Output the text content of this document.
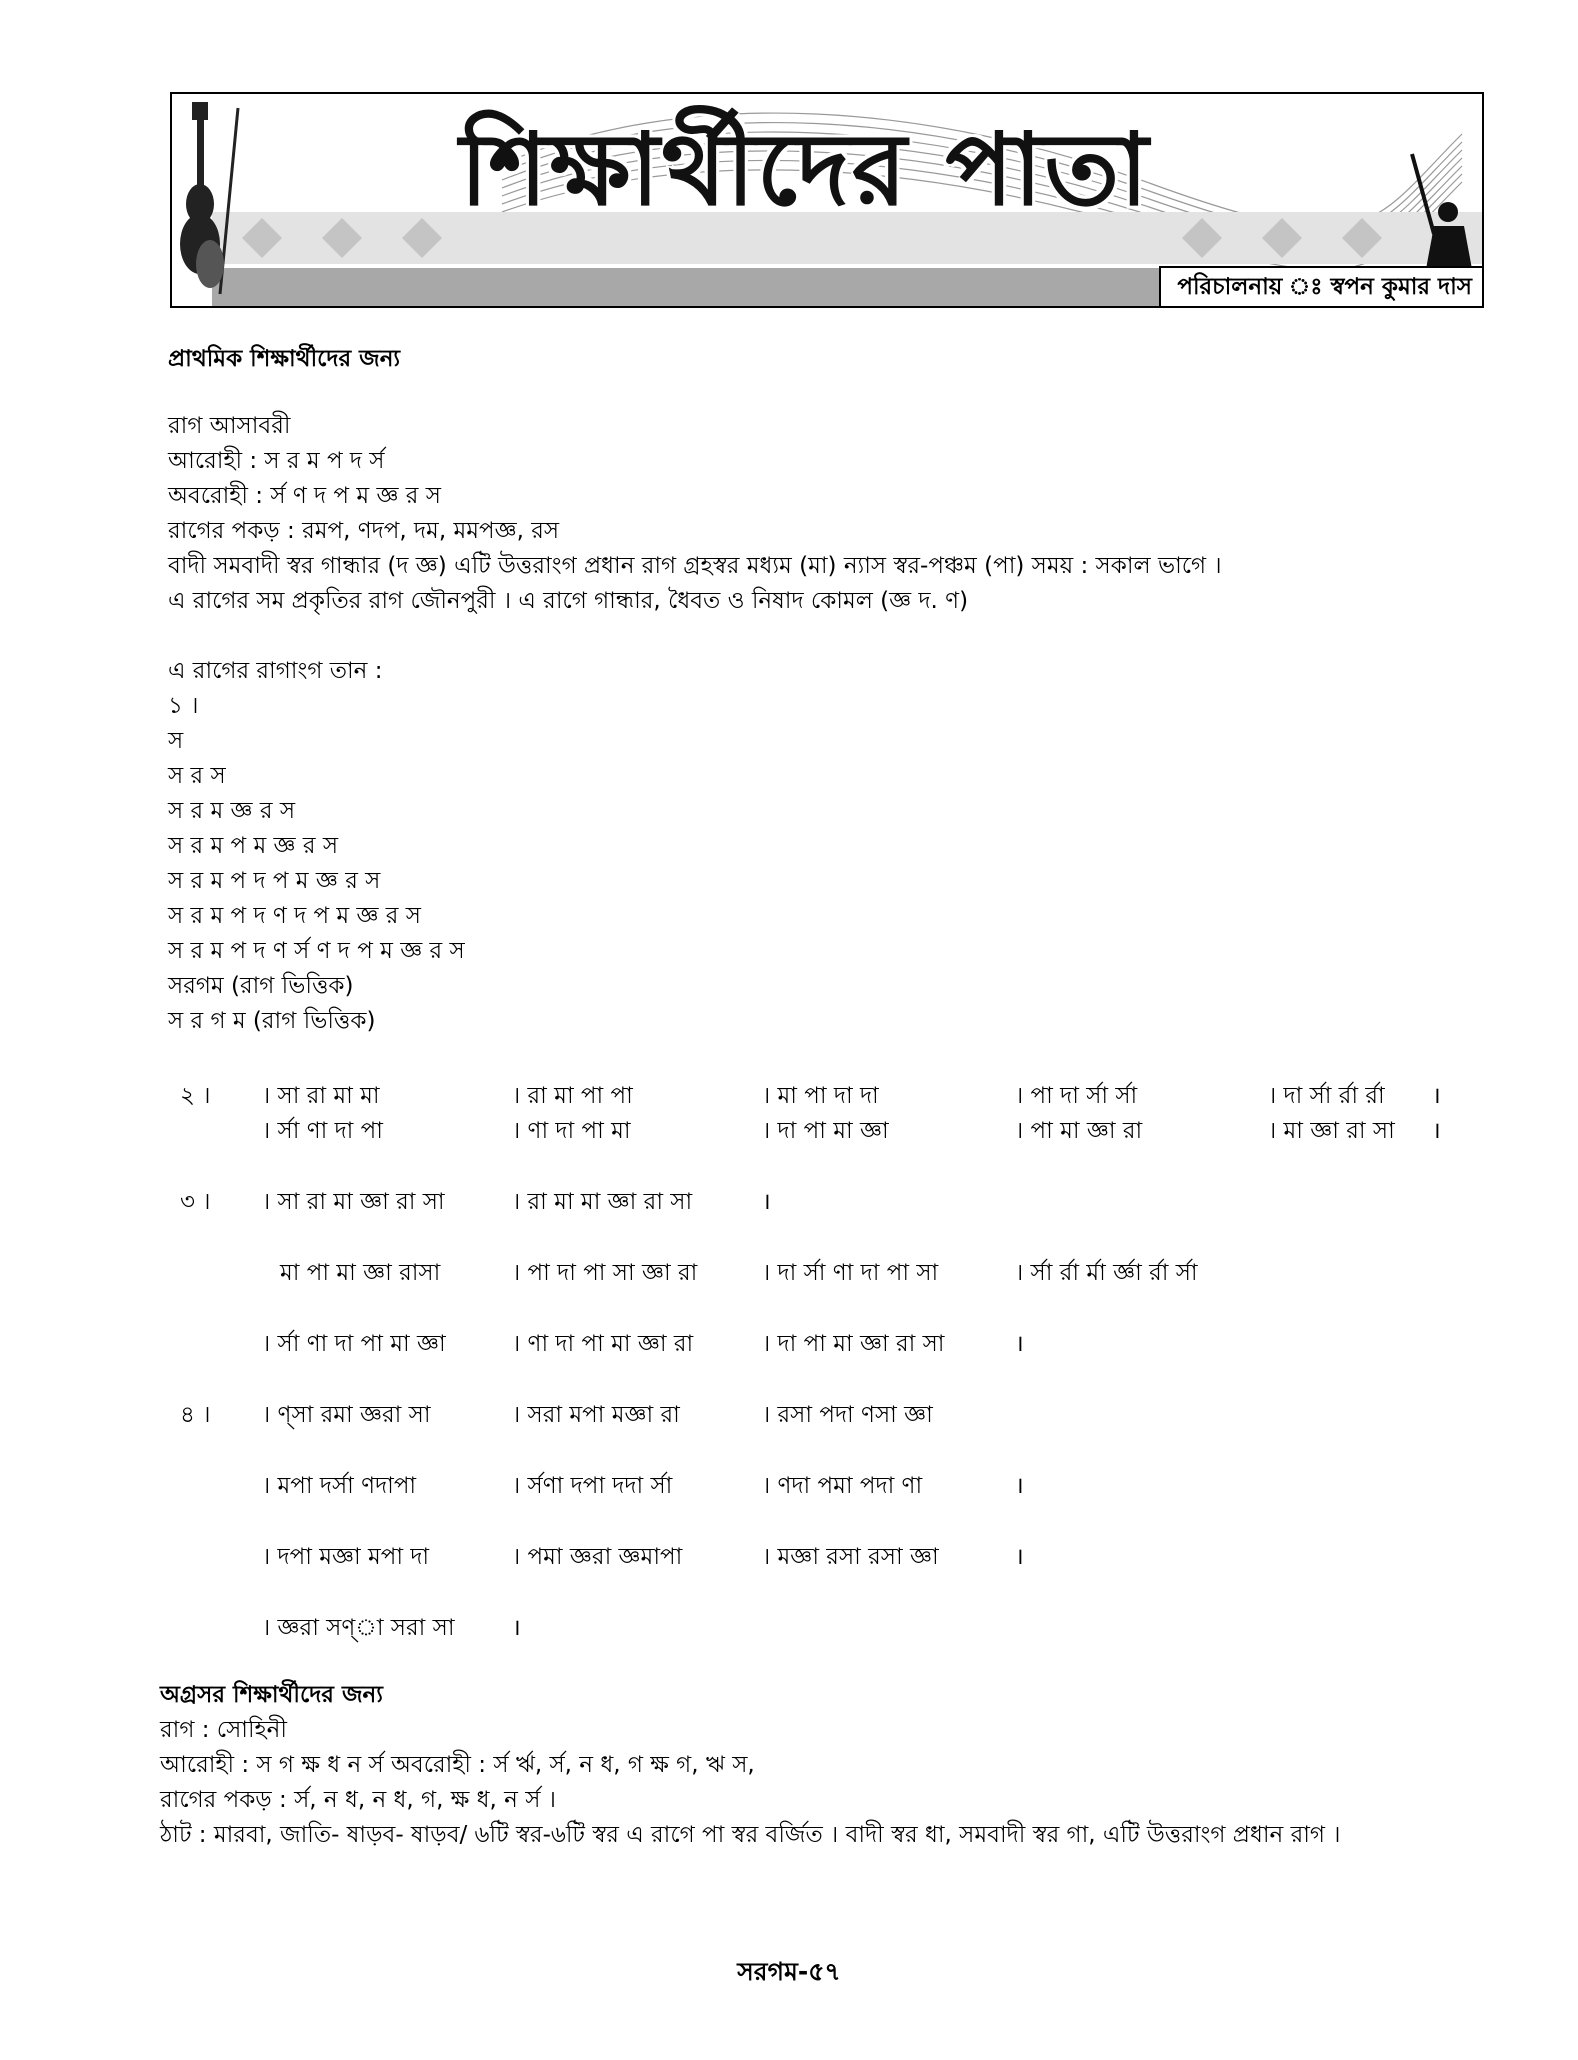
পরিচালনায় ঃ স্বপন কুমার দাস
শিক্ষার্থীদের পাতা
প্রাথমিক শিক্ষার্থীদের জন্য
রাগ আসাবরী
আরোহী : স র ম প দ র্স
অবরোহী : র্স ণ দ প ম জ্ঞ র স
রাগের পকড় : রমপ, ণদপ, দম, মমপজ্ঞ, রস
বাদী সমবাদী স্বর গান্ধার (দ জ্ঞ) এটি উত্তরাংগ প্রধান রাগ গ্রহস্বর মধ্যম (মা) ন্যাস স্বর-পঞ্চম (পা) সময় : সকাল ভাগে ।
এ রাগের সম প্রকৃতির রাগ জৌনপুরী । এ রাগে গান্ধার, ধৈবত ও নিষাদ কোমল (জ্ঞ দ. ণ)
এ রাগের রাগাংগ তান :
১ ।
স
স র স
স র ম জ্ঞ র স
স র ম প ম জ্ঞ র স
স র ম প দ প ম জ্ঞ র স
স র ম প দ ণ দ প ম জ্ঞ র স
স র ম প দ ণ র্স ণ দ প ম জ্ঞ র স
সরগম (রাগ ভিত্তিক)
স র গ ম (রাগ ভিত্তিক)
২ । । সা রা মা মা	। রা মা পা পা	। মা পা দা দা	। পা দা র্সা র্সা	। দা র্সা র্রা র্রা ।
। র্সা ণা দা পা	। ণা দা পা মা	। দা পা মা জ্ঞা	। পা মা জ্ঞা রা	। মা জ্ঞা রা সা ।
৩ । । সা রা মা জ্ঞা রা সা	। রা মা মা জ্ঞা রা সা	।
মা পা মা জ্ঞা রাসা	। পা দা পা সা জ্ঞা রা	। দা র্সা ণা দা পা সা	। র্সা র্রা র্মা র্জ্ঞা র্রা র্সা
। র্সা ণা দা পা মা জ্ঞা	। ণা দা পা মা জ্ঞা রা	। দা পা মা জ্ঞা রা সা	।
৪ । । ণ্সা রমা জ্ঞরা সা	। সরা মপা মজ্ঞা রা	। রসা পদা ণসা জ্ঞা
। মপা দর্সা ণদাপা	। র্সণা দপা দদা র্সা	। ণদা পমা পদা ণা	।
। দপা মজ্ঞা মপা দা	। পমা জ্ঞরা জ্ঞমাপা	। মজ্ঞা রসা রসা জ্ঞা	।
। জ্ঞরা সণ্া সরা সা	।
অগ্রসর শিক্ষার্থীদের জন্য
রাগ : সোহিনী
আরোহী : স গ ক্ষ ধ ন র্স অবরোহী : র্স র্ঋ, র্স, ন ধ, গ ক্ষ গ, ঋ স,
রাগের পকড় : র্স, ন ধ, ন ধ, গ, ক্ষ ধ, ন র্স ।
ঠাট : মারবা, জাতি- ষাড়ব- ষাড়ব/ ৬টি স্বর-৬টি স্বর এ রাগে পা স্বর বর্জিত । বাদী স্বর ধা, সমবাদী স্বর গা, এটি উত্তরাংগ প্রধান রাগ ।
সরগম-৫৭
